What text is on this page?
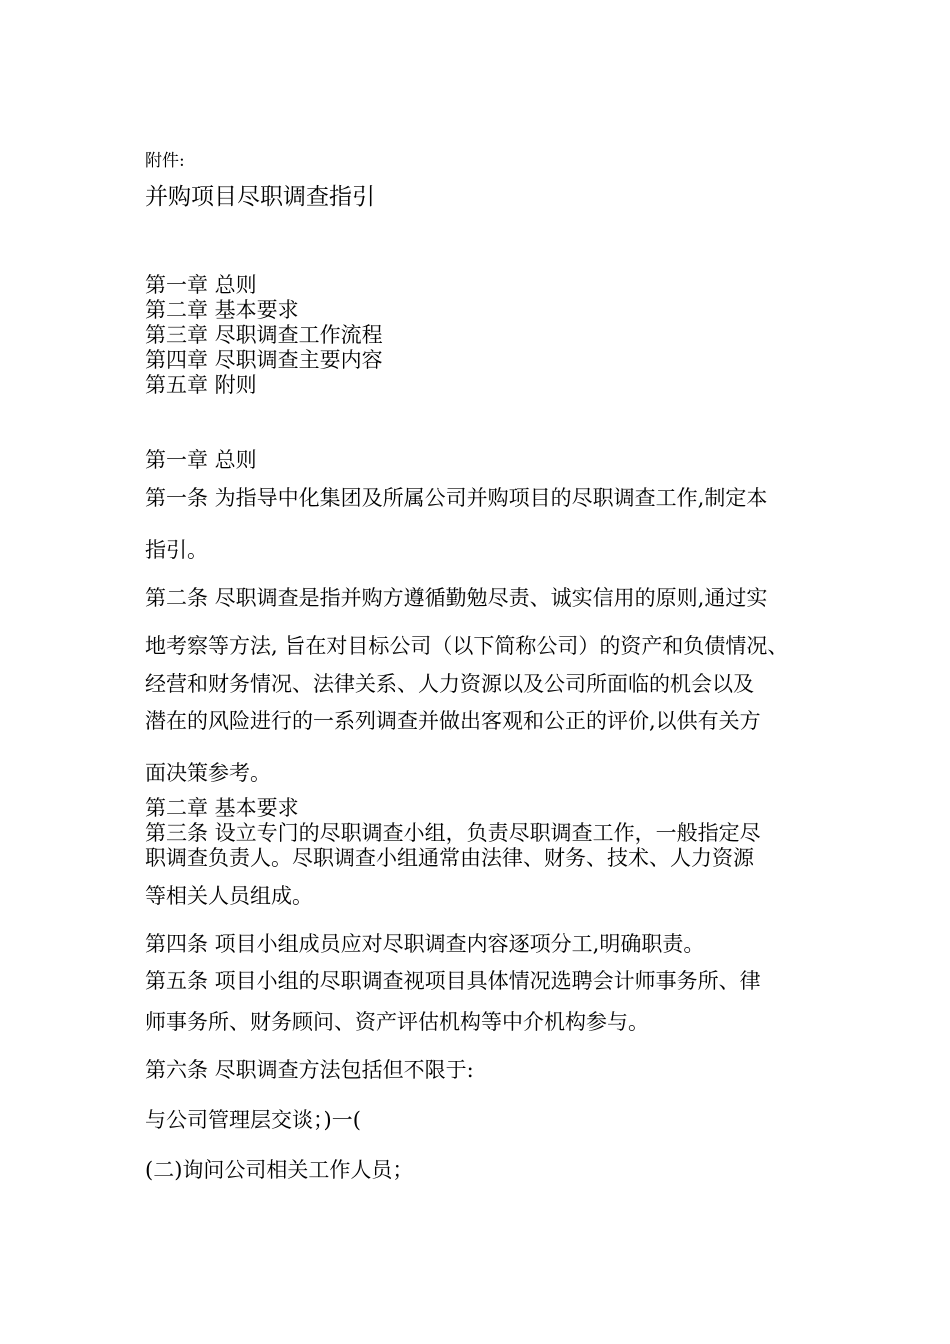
附件:
并购项目尽职调查指引
第一章 总则
第二章 基本要求
第三章 尽职调查工作流程
第四章 尽职调查主要内容
第五章 附则
第一章 总则
第一条 为指导中化集团及所属公司并购项目的尽职调查工作,制定本
指引。
第二条 尽职调查是指并购方遵循勤勉尽责、诚实信用的原则,通过实
地考察等方法, 旨在对目标公司（以下简称公司）的资产和负债情况、
经营和财务情况、法律关系、人力资源以及公司所面临的机会以及
潜在的风险进行的一系列调查并做出客观和公正的评价,以供有关方
面决策参考。
第二章 基本要求
第三条 设立专门的尽职调查小组，负责尽职调查工作，一般指定尽
职调查负责人。尽职调查小组通常由法律、财务、技术、人力资源
等相关人员组成。
第四条 项目小组成员应对尽职调查内容逐项分工,明确职责。
第五条 项目小组的尽职调查视项目具体情况选聘会计师事务所、律
师事务所、财务顾问、资产评估机构等中介机构参与。
第六条 尽职调查方法包括但不限于:
与公司管理层交谈；)一(
(二)询问公司相关工作人员；
